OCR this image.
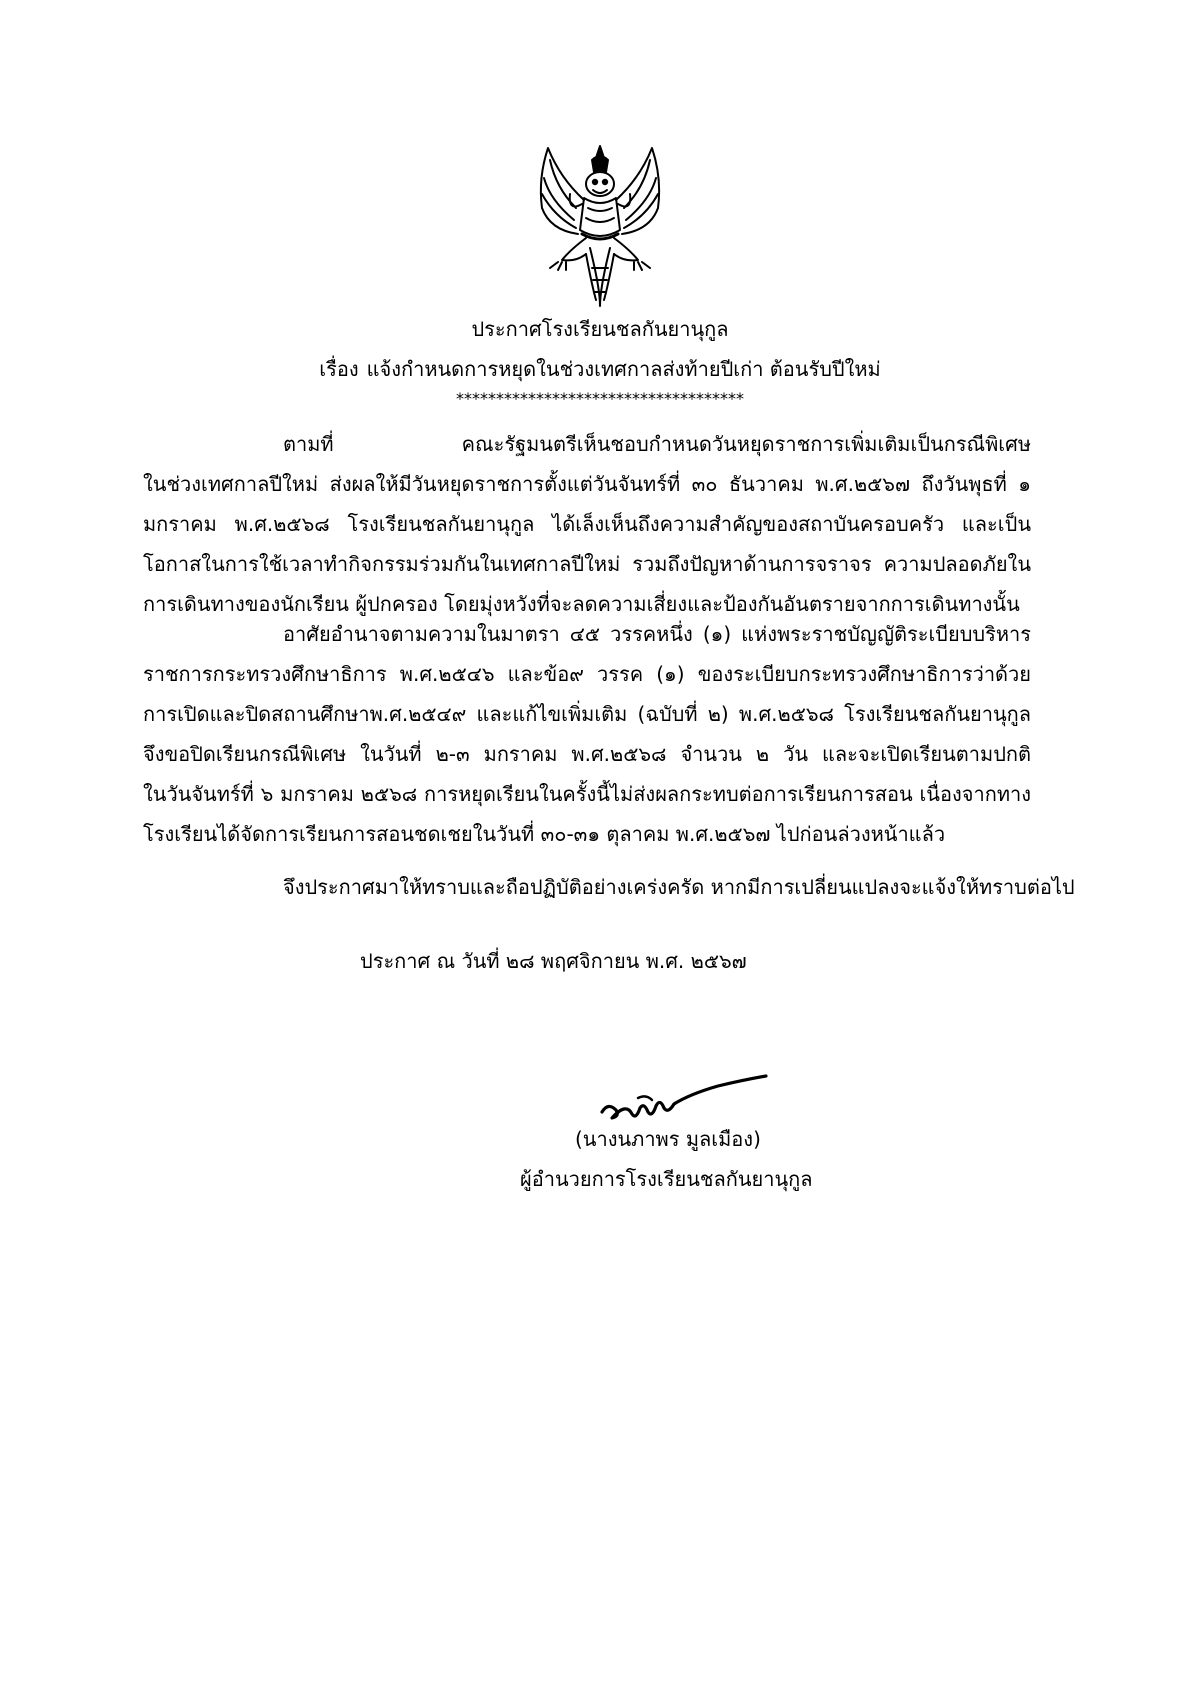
ประกาศโรงเรียนชลกันยานุกูล
เรื่อง แจ้งกำหนดการหยุดในช่วงเทศกาลส่งท้ายปีเก่า ต้อนรับปีใหม่
************************************
ตามที่ คณะรัฐมนตรีเห็นชอบกำหนดวันหยุดราชการเพิ่มเติมเป็นกรณีพิเศษ
ในช่วงเทศกาลปีใหม่ ส่งผลให้มีวันหยุดราชการตั้งแต่วันจันทร์ที่ ๓๐ ธันวาคม พ.ศ.๒๕๖๗ ถึงวันพุธที่ ๑
มกราคม พ.ศ.๒๕๖๘ โรงเรียนชลกันยานุกูล ได้เล็งเห็นถึงความสำคัญของสถาบันครอบครัว และเป็น
โอกาสในการใช้เวลาทำกิจกรรมร่วมกันในเทศกาลปีใหม่ รวมถึงปัญหาด้านการจราจร ความปลอดภัยใน
การเดินทางของนักเรียน ผู้ปกครอง โดยมุ่งหวังที่จะลดความเสี่ยงและป้องกันอันตรายจากการเดินทางนั้น
อาศัยอำนาจตามความในมาตรา ๔๕ วรรคหนึ่ง (๑) แห่งพระราชบัญญัติระเบียบบริหาร
ราชการกระทรวงศึกษาธิการ พ.ศ.๒๕๔๖ และข้อ๙ วรรค (๑) ของระเบียบกระทรวงศึกษาธิการว่าด้วย
การเปิดและปิดสถานศึกษาพ.ศ.๒๕๔๙ และแก้ไขเพิ่มเติม (ฉบับที่ ๒) พ.ศ.๒๕๖๘ โรงเรียนชลกันยานุกูล
จึงขอปิดเรียนกรณีพิเศษ ในวันที่ ๒-๓ มกราคม พ.ศ.๒๕๖๘ จำนวน ๒ วัน และจะเปิดเรียนตามปกติ
ในวันจันทร์ที่ ๖ มกราคม ๒๕๖๘ การหยุดเรียนในครั้งนี้ไม่ส่งผลกระทบต่อการเรียนการสอน เนื่องจากทาง
โรงเรียนได้จัดการเรียนการสอนชดเชยในวันที่ ๓๐-๓๑ ตุลาคม พ.ศ.๒๕๖๗ ไปก่อนล่วงหน้าแล้ว
จึงประกาศมาให้ทราบและถือปฏิบัติอย่างเคร่งครัด หากมีการเปลี่ยนแปลงจะแจ้งให้ทราบต่อไป
ประกาศ ณ วันที่ ๒๘ พฤศจิกายน พ.ศ. ๒๕๖๗
(นางนภาพร มูลเมือง)
ผู้อำนวยการโรงเรียนชลกันยานุกูล
